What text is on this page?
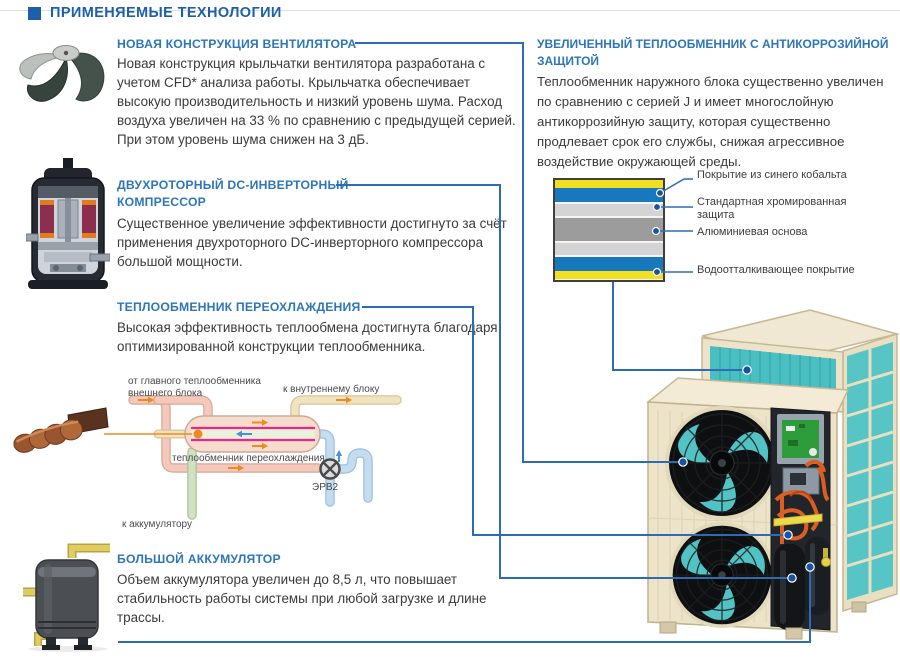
ПРИМЕНЯЕМЫЕ ТЕХНОЛОГИИ
НОВАЯ КОНСТРУКЦИЯ ВЕНТИЛЯТОРА
Новая конструкция крыльчатки вентилятора разработана с учетом CFD* анализа работы. Крыльчатка обеспечивает высокую производительность и низкий уровень шума. Расход воздуха увеличен на 33 % по сравнению с предыдущей серией. При этом уровень шума снижен на 3 дБ.
ДВУХРОТОРНЫЙ DC-ИНВЕРТОРНЫЙ КОМПРЕССОР
Существенное увеличение эффективности достигнуто за счёт применения двухроторного DC-инверторного компрессора большой мощности.
ТЕПЛООБМЕННИК ПЕРЕОХЛАЖДЕНИЯ
Высокая эффективность теплообмена достигнута благодаря оптимизированной конструкции теплообменника.
БОЛЬШОЙ АККУМУЛЯТОР
Объем аккумулятора увеличен до 8,5 л, что повышает стабильность работы системы при любой загрузке и длине трассы.
от главного теплообменника внешнего блока	к внутреннему блоку
теплообменник переохлаждения
к аккумулятору
ЭРВ2
УВЕЛИЧЕННЫЙ ТЕПЛООБМЕННИК С АНТИКОРРОЗИЙНОЙ ЗАЩИТОЙ
Теплообменник наружного блока существенно увеличен по сравнению с серией J и имеет многослойную антикоррозийную защиту, которая существенно продлевает срок его службы, снижая агрессивное воздействие окружающей среды.
Покрытие из синего кобальта
Стандартная хромированная защита
Алюминиевая основа
Водоотталкивающее покрытие
